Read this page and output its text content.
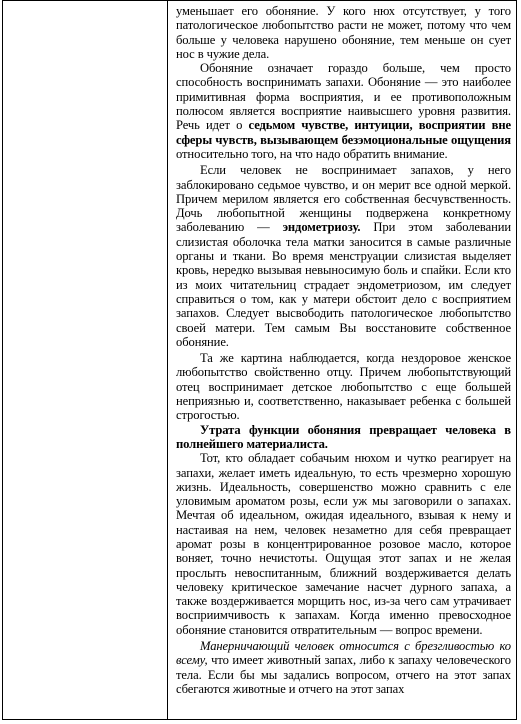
уменьшает его обоняние. У кого нюх отсутствует, у того патологическое любопытство расти не может, потому что чем больше у человека нарушено обоняние, тем меньше он сует нос в чужие дела.

Обоняние означает гораздо больше, чем просто способность воспринимать запахи. Обоняние — это наиболее примитивная форма восприятия, и ее противоположным полюсом является восприятие наивысшего уровня развития. Речь идет о седьмом чувстве, интуиции, восприятии вне сферы чувств, вызывающем безэмоциональные ощущения относительно того, на что надо обратить внимание.

Если человек не воспринимает запахов, у него заблокировано седьмое чувство, и он мерит все одной меркой. Причем мерилом является его собственная бесчувственность. Дочь любопытной женщины подвержена конкретному заболеванию — эндометриозу. При этом заболевании слизистая оболочка тела матки заносится в самые различные органы и ткани. Во время менструации слизистая выделяет кровь, нередко вызывая невыносимую боль и спайки. Если кто из моих читательниц страдает эндометриозом, им следует справиться о том, как у матери обстоит дело с восприятием запахов. Следует высвободить патологическое любопытство своей матери. Тем самым Вы восстановите собственное обоняние.

Та же картина наблюдается, когда нездоровое женское любопытство свойственно отцу. Причем любопытствующий отец воспринимает детское любопытство с еще большей неприязнью и, соответственно, наказывает ребенка с большей строгостью.

Утрата функции обоняния превращает человека в полнейшего материалиста.

Тот, кто обладает собачьим нюхом и чутко реагирует на запахи, желает иметь идеальную, то есть чрезмерно хорошую жизнь. Идеальность, совершенство можно сравнить с еле уловимым ароматом розы, если уж мы заговорили о запахах. Мечтая об идеальном, ожидая идеального, взывая к нему и настаивая на нем, человек незаметно для себя превращает аромат розы в концентрированное розовое масло, которое воняет, точно нечистоты. Ощущая этот запах и не желая прослыть невоспитанным, ближний воздерживается делать человеку критическое замечание насчет дурного запаха, а также воздерживается морщить нос, из-за чего сам утрачивает восприимчивость к запахам. Когда именно превосходное обоняние становится отвратительным — вопрос времени.

Манерничающий человек относится с брезгливостью ко всему, что имеет животный запах, либо к запаху человеческого тела. Если бы мы задались вопросом, отчего на этот запах сбегаются животные и отчего на этот запах
